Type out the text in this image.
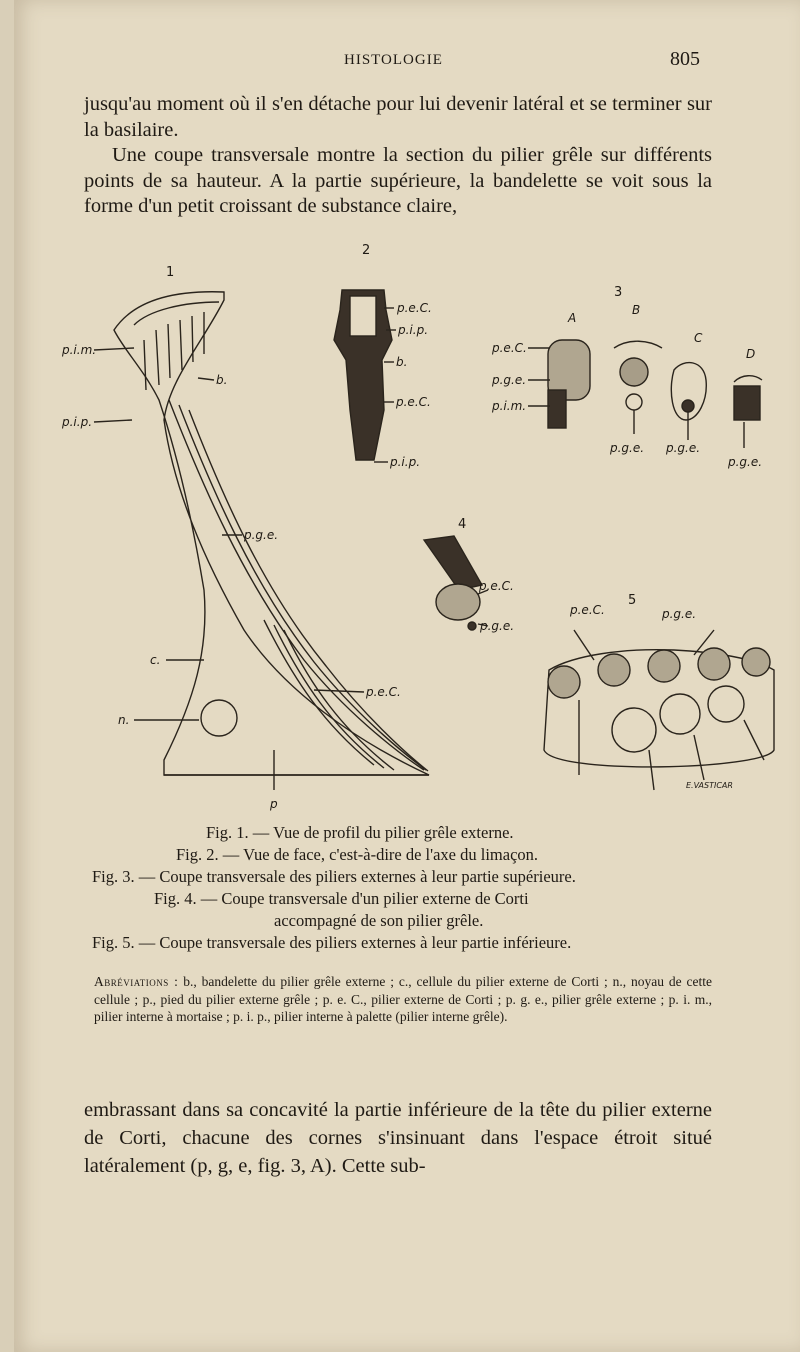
HISTOLOGIE	805

jusqu'au moment où il s'en détache pour lui devenir latéral et se terminer sur la basilaire.

Une coupe transversale montre la section du pilier grêle sur différents points de sa hauteur. A la partie supérieure, la bandelette se voit sous la forme d'un petit croissant de substance claire,

1
2
3
4
5
p.i.m.
p.i.p.
b.
p.g.e.
c.
n.
p.e.C.
p
p.e.C.
p.i.p.
b.
p.e.C.
p.i.p.
A
B
C
D
p.e.C.
p.g.e.
p.i.m.
p.g.e. p.g.e.
p.g.e.
p.e.C.
p.g.e.
p.e.C.	p.g.e.
E.VASTICAR

Fig. 1. — Vue de profil du pilier grêle externe.

Fig. 2. — Vue de face, c'est-à-dire de l'axe du limaçon.

Fig. 3. — Coupe transversale des piliers externes à leur partie supérieure.

Fig. 4. — Coupe transversale d'un pilier externe de Corti

accompagné de son pilier grêle.

Fig. 5. — Coupe transversale des piliers externes à leur partie inférieure.

Abréviations : b., bandelette du pilier grêle externe ; c., cellule du pilier externe de Corti ; n., noyau de cette cellule ; p., pied du pilier externe grêle ; p. e. C., pilier externe de Corti ; p. g. e., pilier grêle externe ; p. i. m., pilier interne à mortaise ; p. i. p., pilier interne à palette (pilier interne grêle).

embrassant dans sa concavité la partie inférieure de la tête du pilier externe de Corti, chacune des cornes s'insinuant dans l'espace étroit situé latéralement (p, g, e, fig. 3, A). Cette sub-
